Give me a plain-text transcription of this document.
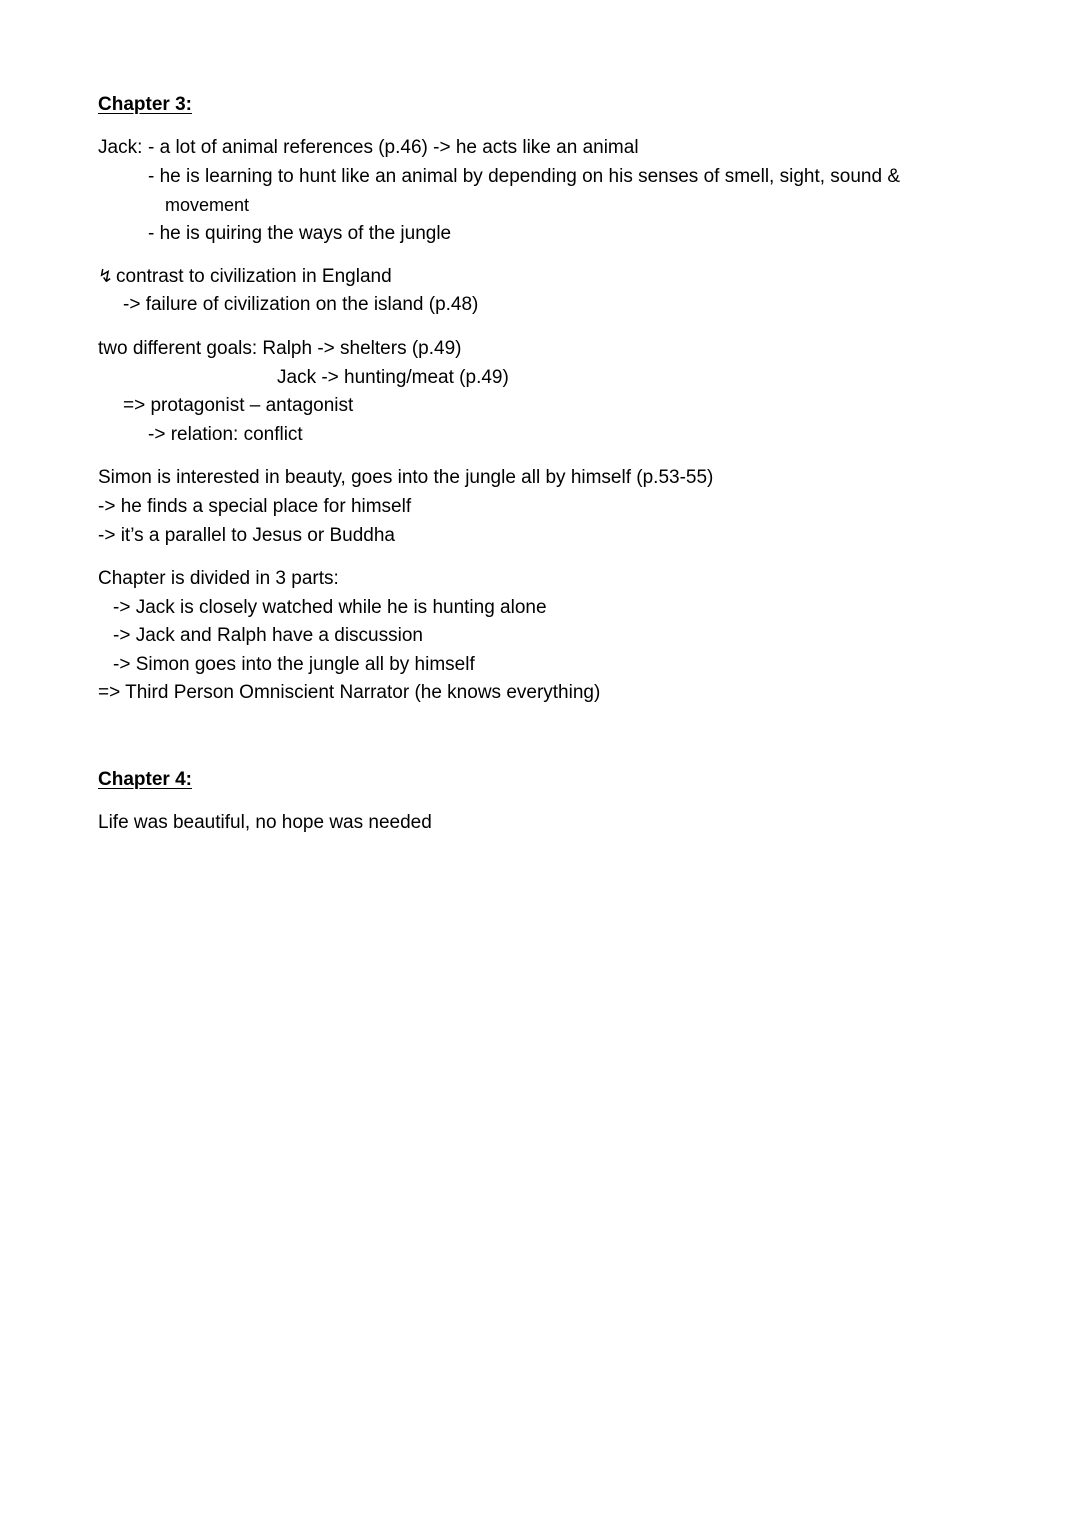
Chapter 3:
Jack: - a lot of animal references (p.46) -> he acts like an animal
- he is learning to hunt like an animal by depending on his senses of smell, sight, sound &
movement
- he is quiring the ways of the jungle
↯ contrast to civilization in England
-> failure of civilization on the island (p.48)
two different goals: Ralph -> shelters (p.49)
Jack -> hunting/meat (p.49)
=> protagonist – antagonist
-> relation: conflict
Simon is interested in beauty, goes into the jungle all by himself (p.53-55)
-> he finds a special place for himself
-> it’s a parallel to Jesus or Buddha
Chapter is divided in 3 parts:
-> Jack is closely watched while he is hunting alone
-> Jack and Ralph have a discussion
-> Simon goes into the jungle all by himself
=> Third Person Omniscient Narrator (he knows everything)
Chapter 4:
Life was beautiful, no hope was needed
